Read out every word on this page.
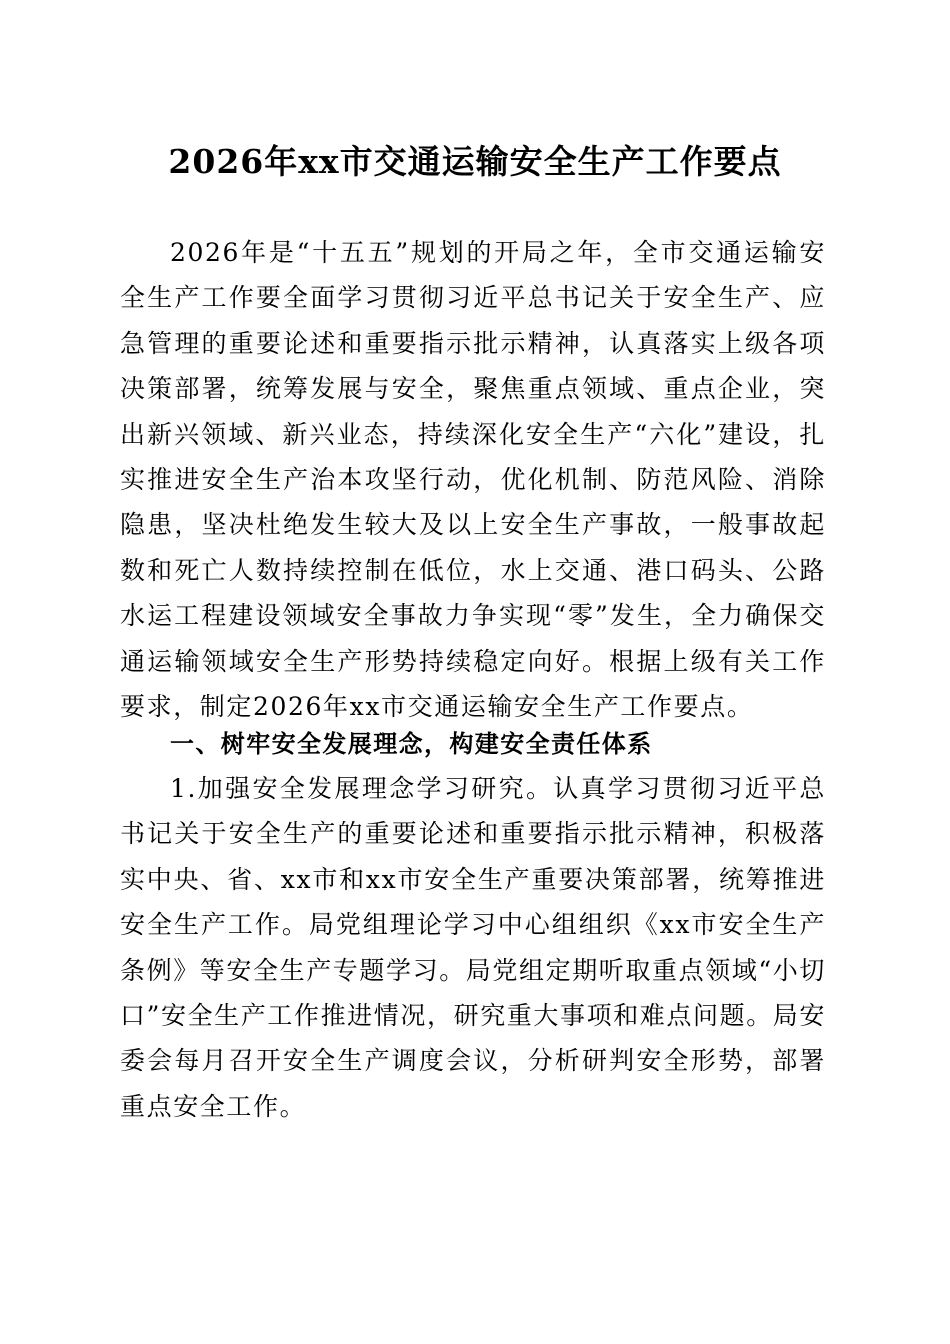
2026年xx市交通运输安全生产工作要点

2026年是“十五五”规划的开局之年，全市交通运输安全生产工作要全面学习贯彻习近平总书记关于安全生产、应急管理的重要论述和重要指示批示精神，认真落实上级各项决策部署，统筹发展与安全，聚焦重点领域、重点企业，突出新兴领域、新兴业态，持续深化安全生产“六化”建设，扎实推进安全生产治本攻坚行动，优化机制、防范风险、消除隐患，坚决杜绝发生较大及以上安全生产事故，一般事故起数和死亡人数持续控制在低位，水上交通、港口码头、公路水运工程建设领域安全事故力争实现“零”发生，全力确保交通运输领域安全生产形势持续稳定向好。根据上级有关工作要求，制定2026年xx市交通运输安全生产工作要点。

一、树牢安全发展理念，构建安全责任体系

1.加强安全发展理念学习研究。认真学习贯彻习近平总书记关于安全生产的重要论述和重要指示批示精神，积极落实中央、省、xx市和xx市安全生产重要决策部署，统筹推进安全生产工作。局党组理论学习中心组组织《xx市安全生产条例》等安全生产专题学习。局党组定期听取重点领域“小切口”安全生产工作推进情况，研究重大事项和难点问题。局安委会每月召开安全生产调度会议，分析研判安全形势，部署重点安全工作。
